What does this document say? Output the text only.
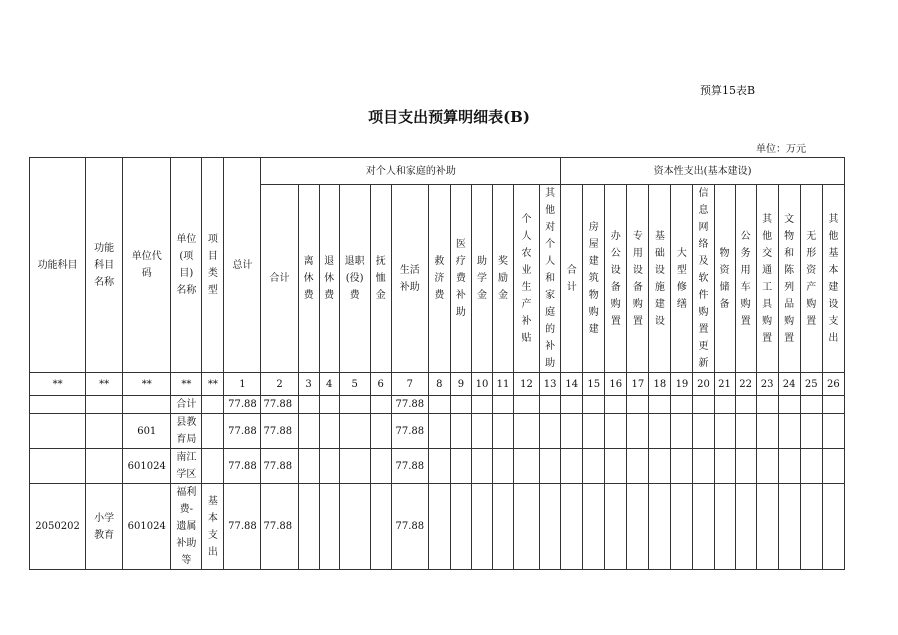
预算15表B
项目支出预算明细表(B)
单位：万元
功能科目	功能科目名称	单位代码	单位(项目)名称	项目类型	总计	对个人和家庭的补助												资本性支出(基本建设)												
						合计	离休费	退休费	退职(役)费	抚恤金	生活补助	救济费	医疗费补助	助学金	奖励金	个人农业生产补贴	其他对个人和家庭的补助	合计	房屋建筑物购建	办公设备购置	专用设备购置	基础设施建设	大型修缮	信息网络及软件购置更新	物资储备	公务用车购置	其他交通工具购置	文物和陈列品购置	无形资产购置	其他基本建设支出
**	**	**	**	**	1	2	3	4	5	6	7	8	9	10	11	12	13	14	15	16	17	18	19	20	21	22	23	24	25	26
			合计		77.88	77.88					77.88																			
		601	县教育局		77.88	77.88					77.88																			
		601024	南江学区		77.88	77.88					77.88																			
2050202	小学教育	601024	福利费-遗属补助等	基本支出	77.88	77.88					77.88																			
